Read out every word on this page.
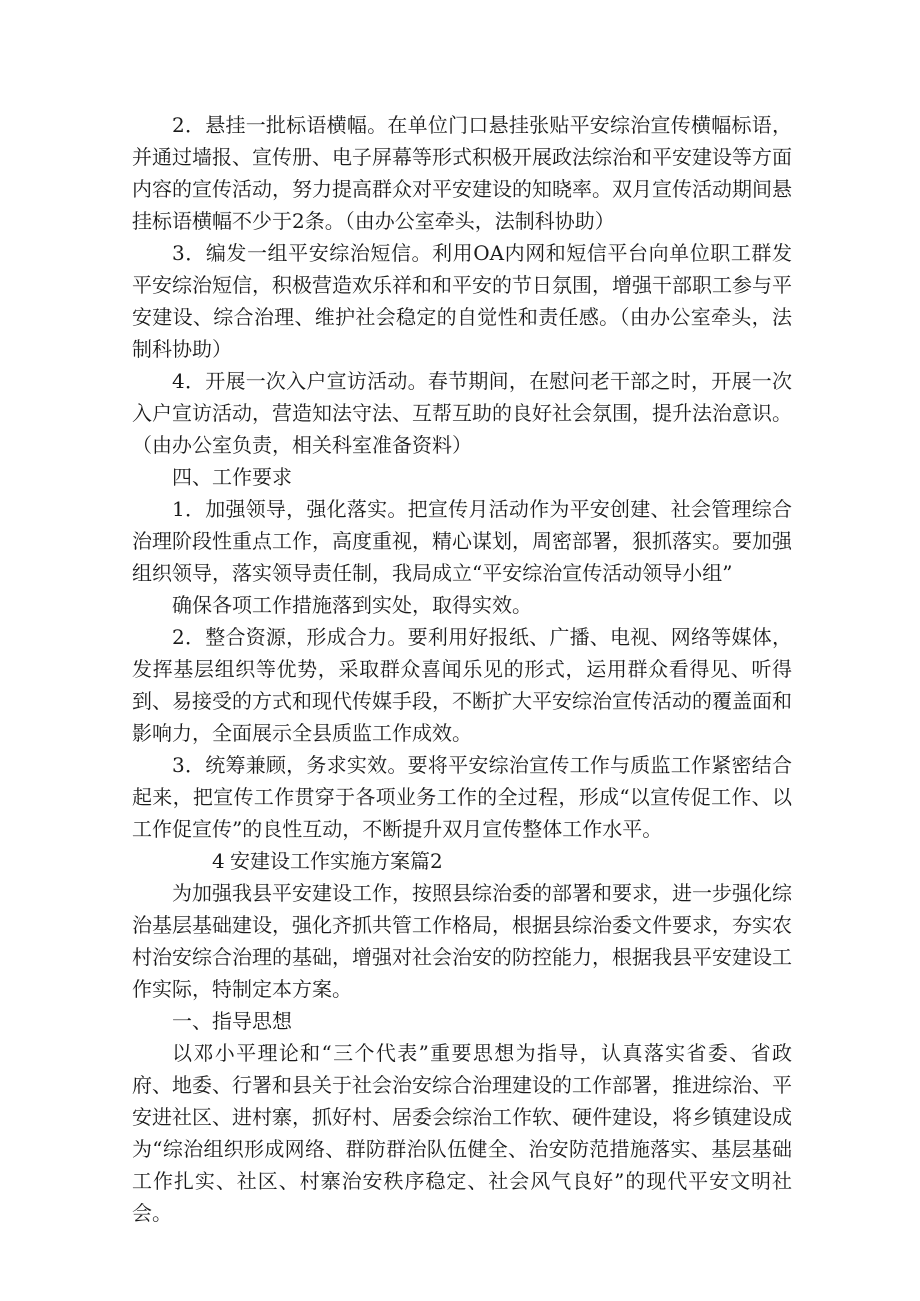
2．悬挂一批标语横幅。在单位门口悬挂张贴平安综治宣传横幅标语，并通过墙报、宣传册、电子屏幕等形式积极开展政法综治和平安建设等方面内容的宣传活动，努力提高群众对平安建设的知晓率。双月宣传活动期间悬挂标语横幅不少于2条。（由办公室牵头，法制科协助）

3．编发一组平安综治短信。利用OA内网和短信平台向单位职工群发平安综治短信，积极营造欢乐祥和和平安的节日氛围，增强干部职工参与平安建设、综合治理、维护社会稳定的自觉性和责任感。（由办公室牵头，法制科协助）

4．开展一次入户宣访活动。春节期间，在慰问老干部之时，开展一次入户宣访活动，营造知法守法、互帮互助的良好社会氛围，提升法治意识。（由办公室负责，相关科室准备资料）

四、工作要求

1．加强领导，强化落实。把宣传月活动作为平安创建、社会管理综合治理阶段性重点工作，高度重视，精心谋划，周密部署，狠抓落实。要加强组织领导，落实领导责任制，我局成立“平安综治宣传活动领导小组”

确保各项工作措施落到实处，取得实效。

2．整合资源，形成合力。要利用好报纸、广播、电视、网络等媒体，发挥基层组织等优势，采取群众喜闻乐见的形式，运用群众看得见、听得到、易接受的方式和现代传媒手段，不断扩大平安综治宣传活动的覆盖面和影响力，全面展示全县质监工作成效。

3．统筹兼顾，务求实效。要将平安综治宣传工作与质监工作紧密结合起来，把宣传工作贯穿于各项业务工作的全过程，形成“以宣传促工作、以工作促宣传”的良性互动，不断提升双月宣传整体工作水平。

4 安建设工作实施方案篇2

为加强我县平安建设工作，按照县综治委的部署和要求，进一步强化综治基层基础建设，强化齐抓共管工作格局，根据县综治委文件要求，夯实农村治安综合治理的基础，增强对社会治安的防控能力，根据我县平安建设工作实际，特制定本方案。

一、指导思想

以邓小平理论和“三个代表”重要思想为指导，认真落实省委、省政府、地委、行署和县关于社会治安综合治理建设的工作部署，推进综治、平安进社区、进村寨，抓好村、居委会综治工作软、硬件建设，将乡镇建设成为“综治组织形成网络、群防群治队伍健全、治安防范措施落实、基层基础工作扎实、社区、村寨治安秩序稳定、社会风气良好”的现代平安文明社会。
